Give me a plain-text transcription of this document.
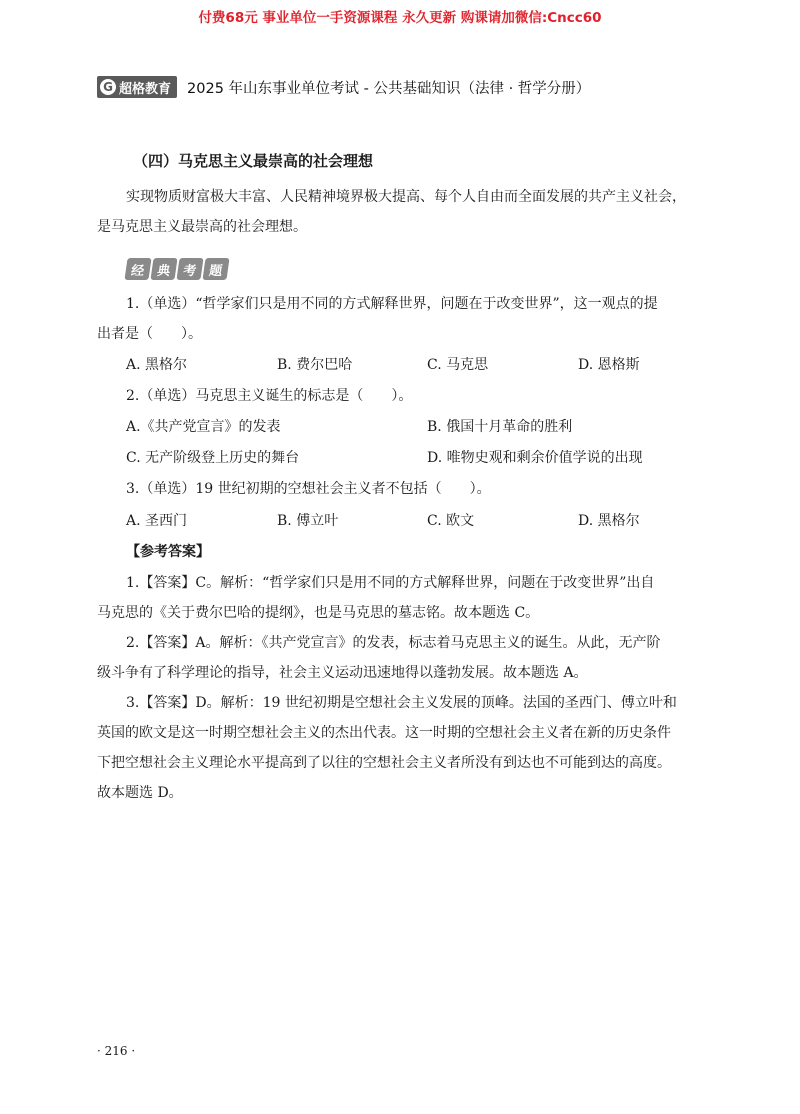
付费68元 事业单位一手资源课程 永久更新 购课请加微信:Cncc60
G 超格教育 2025 年山东事业单位考试 - 公共基础知识（法律 · 哲学分册）
（四）马克思主义最崇高的社会理想
实现物质财富极大丰富、人民精神境界极大提高、每个人自由而全面发展的共产主义社会，
是马克思主义最崇高的社会理想。
经 典 考 题
1.（单选）“哲学家们只是用不同的方式解释世界，问题在于改变世界”，这一观点的提
出者是（　　）。
A. 黑格尔	B. 费尔巴哈	C. 马克思	D. 恩格斯
2.（单选）马克思主义诞生的标志是（　　）。
A.《共产党宣言》的发表	B. 俄国十月革命的胜利
C. 无产阶级登上历史的舞台	D. 唯物史观和剩余价值学说的出现
3.（单选）19 世纪初期的空想社会主义者不包括（　　）。
A. 圣西门	B. 傅立叶	C. 欧文	D. 黑格尔
【参考答案】
1.【答案】C。解析：“哲学家们只是用不同的方式解释世界，问题在于改变世界”出自
马克思的《关于费尔巴哈的提纲》，也是马克思的墓志铭。故本题选 C。
2.【答案】A。解析：《共产党宣言》的发表，标志着马克思主义的诞生。从此，无产阶
级斗争有了科学理论的指导，社会主义运动迅速地得以蓬勃发展。故本题选 A。
3.【答案】D。解析：19 世纪初期是空想社会主义发展的顶峰。法国的圣西门、傅立叶和
英国的欧文是这一时期空想社会主义的杰出代表。这一时期的空想社会主义者在新的历史条件
下把空想社会主义理论水平提高到了以往的空想社会主义者所没有到达也不可能到达的高度。
故本题选 D。
· 216 ·
